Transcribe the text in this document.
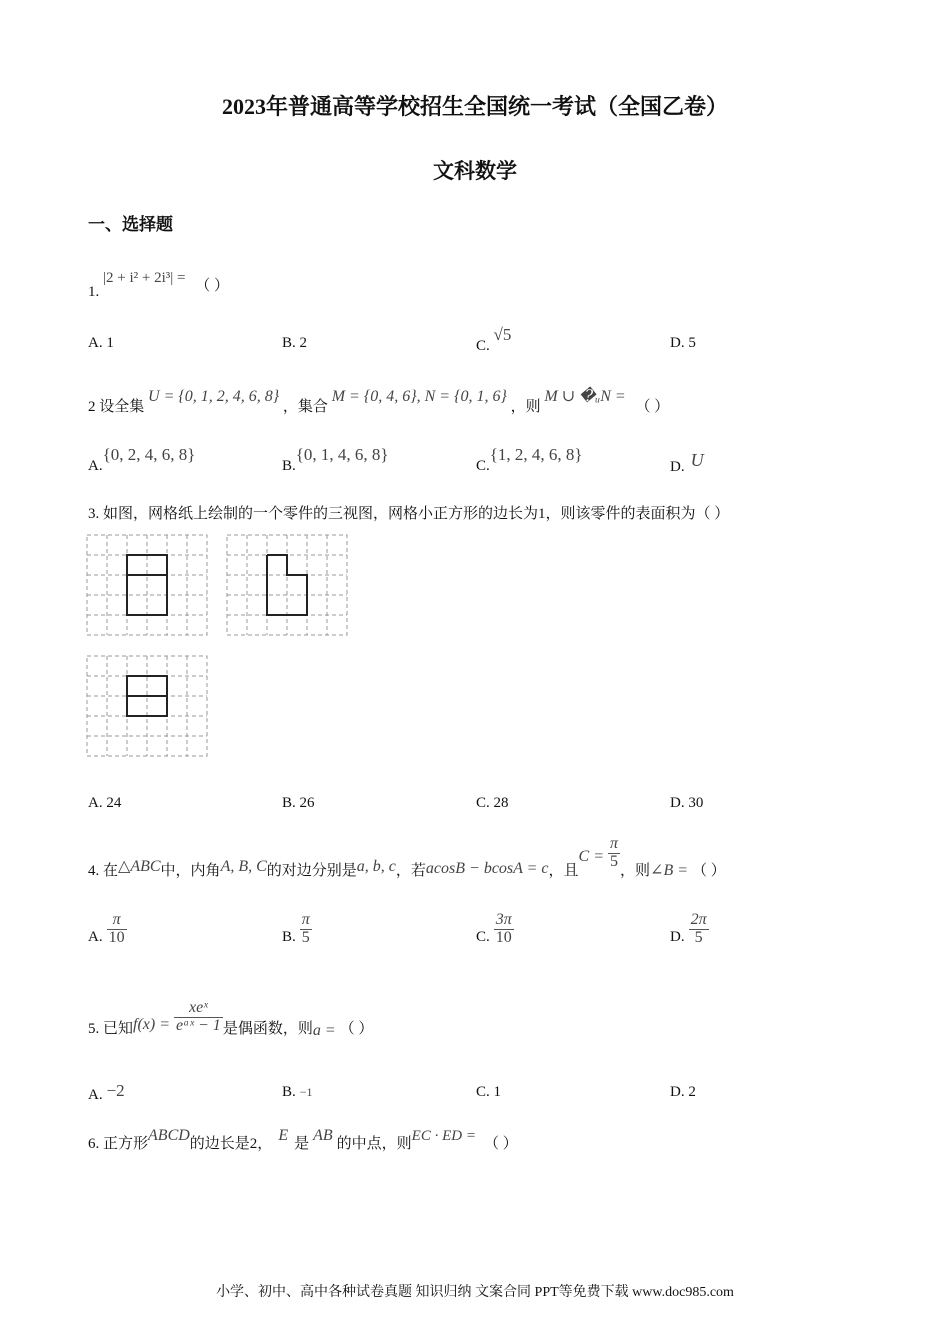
2023年普通高等学校招生全国统一考试（全国乙卷）
文科数学
一、选择题
1. |2 + i² + 2i³| = （ ）
A. 1	B. 2	C. √5	D. 5
2 设全集 U = {0, 1, 2, 4, 6, 8} ，集合 M = {0, 4, 6}, N = {0, 1, 6} ，则 M ∪ �ᵤN = （ ）
A.{0, 2, 4, 6, 8}
B.{0, 1, 4, 6, 8}
C.{1, 2, 4, 6, 8}
D. U
3. 如图，网格纸上绘制的一个零件的三视图，网格小正方形的边长为1，则该零件的表面积为（ ）
A. 24	B. 26	C. 28	D. 30
4. 在△ABC中，内角A, B, C的对边分别是a, b, c，若acosB − bcosA = c，且$C = \frac{\pi}{5}$
，则∠B = （ ）
A. $\frac{\pi}{10}$	B. $\frac{\pi}{5}$	C. $\frac{3\pi}{10}$	D. $\frac{2\pi}{5}$
5. 已知$f(x) = \frac{\text{xeˣ}}{\text{eᵃˣ − 1}}$ 是偶函数，则a = （ ）
A. −2	B. −1	C. 1	D. 2
6. 正方形ABCD的边长是2， E 是 AB 的中点，则EC · ED = （ ）
小学、初中、高中各种试卷真题 知识归纳 文案合同 PPT等免费下载 www.doc985.com
